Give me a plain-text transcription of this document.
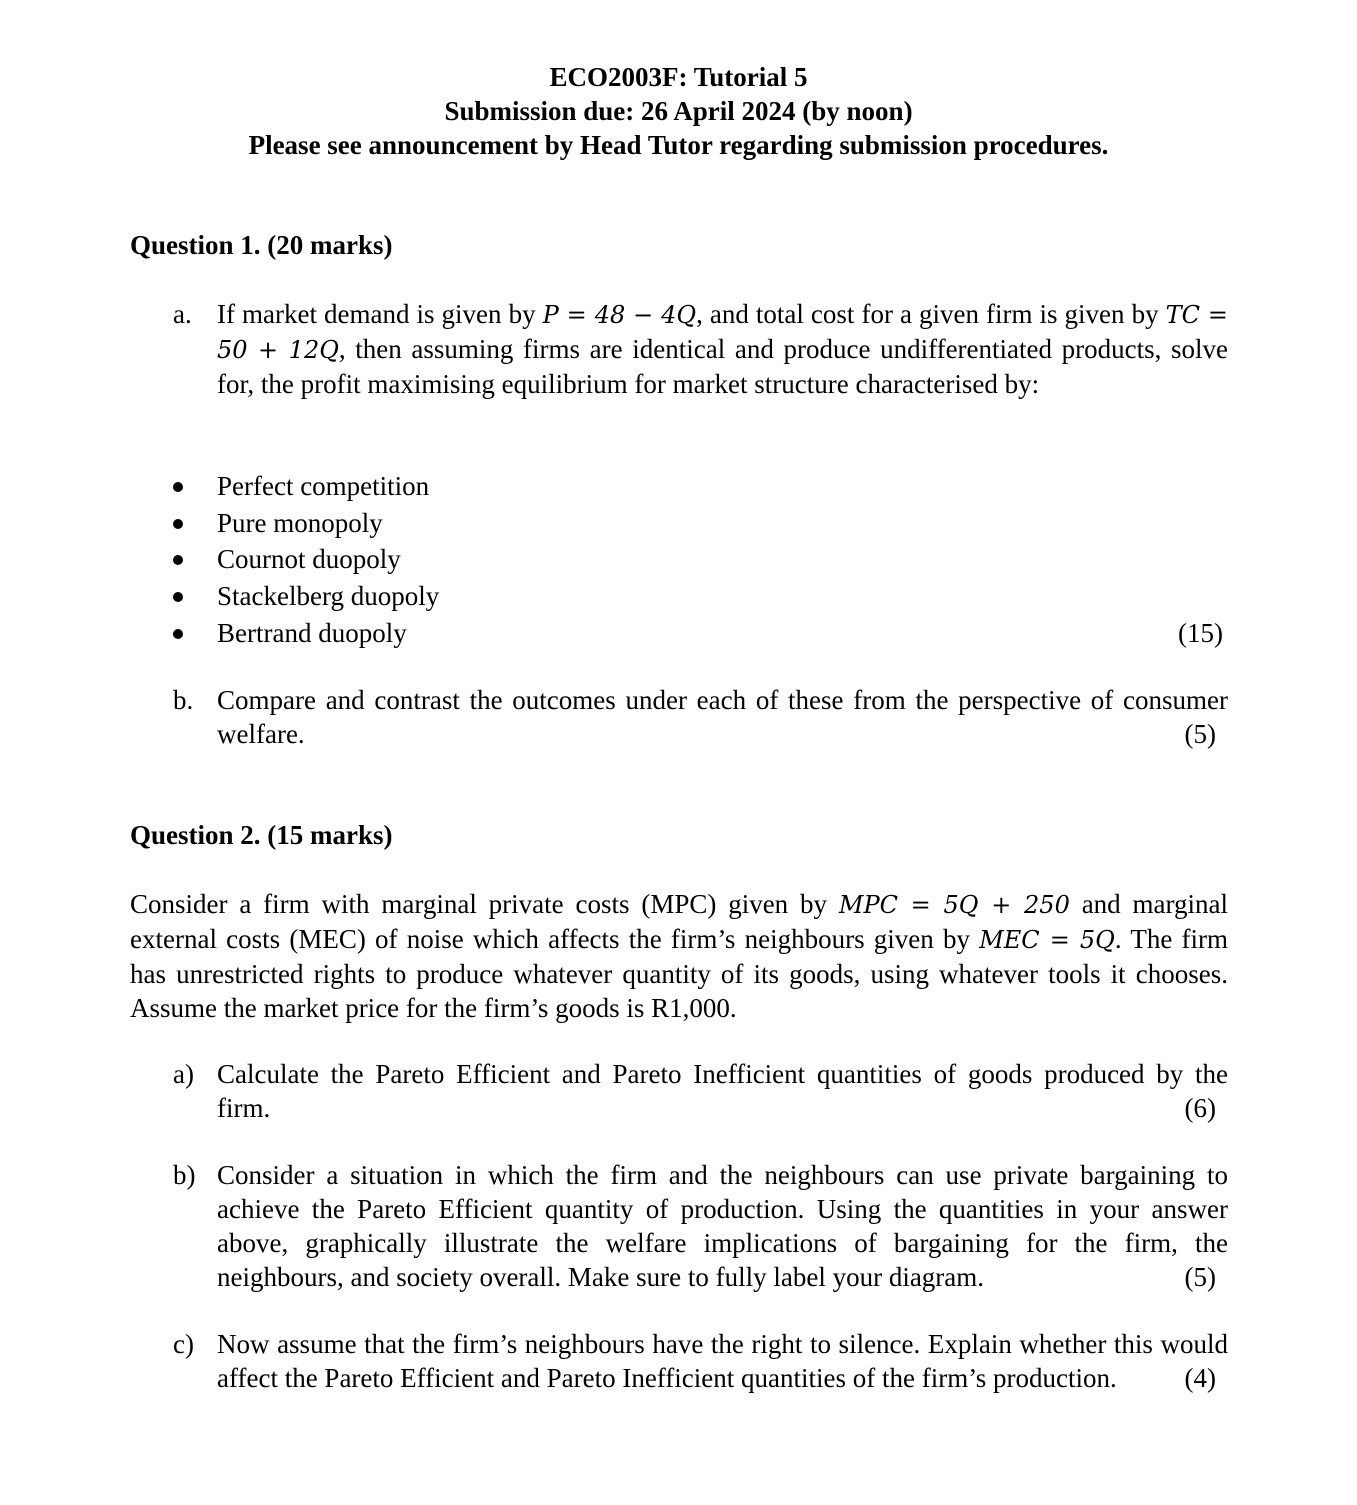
ECO2003F: Tutorial 5
Submission due: 26 April 2024 (by noon)
Please see announcement by Head Tutor regarding submission procedures.
Question 1. (20 marks)
a. If market demand is given by P = 48 − 4Q, and total cost for a given firm is given by TC = 50 + 12Q, then assuming firms are identical and produce undifferentiated products, solve for, the profit maximising equilibrium for market structure characterised by:
Perfect competition
Pure monopoly
Cournot duopoly
Stackelberg duopoly
Bertrand duopoly	(15)
b. Compare and contrast the outcomes under each of these from the perspective of consumer welfare.	(5)
Question 2. (15 marks)
Consider a firm with marginal private costs (MPC) given by MPC = 5Q + 250 and marginal external costs (MEC) of noise which affects the firm’s neighbours given by MEC = 5Q. The firm has unrestricted rights to produce whatever quantity of its goods, using whatever tools it chooses. Assume the market price for the firm’s goods is R1,000.
a) Calculate the Pareto Efficient and Pareto Inefficient quantities of goods produced by the firm.	(6)
b) Consider a situation in which the firm and the neighbours can use private bargaining to achieve the Pareto Efficient quantity of production. Using the quantities in your answer above, graphically illustrate the welfare implications of bargaining for the firm, the neighbours, and society overall. Make sure to fully label your diagram.	(5)
c) Now assume that the firm’s neighbours have the right to silence. Explain whether this would affect the Pareto Efficient and Pareto Inefficient quantities of the firm’s production.	(4)
